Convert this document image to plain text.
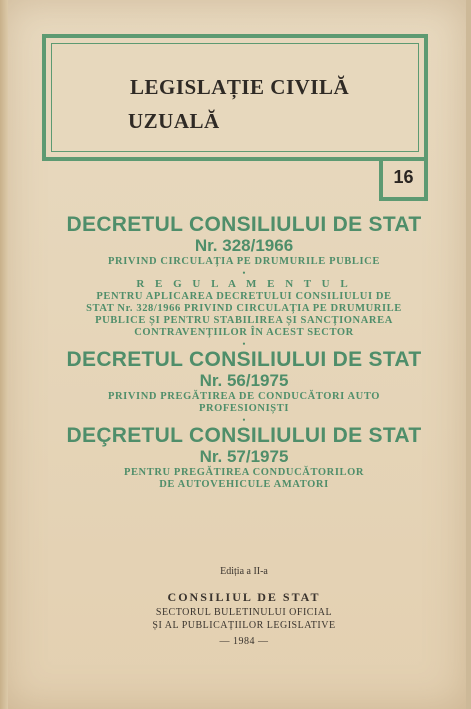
LEGISLAȚIE CIVILĂ
UZUALĂ
16

DECRETUL CONSILIULUI DE STAT

Nr. 328/1966

PRIVIND CIRCULAȚIA PE DRUMURILE PUBLICE

•

R E G U L A M E N T U L

PENTRU APLICAREA DECRETULUI CONSILIULUI DE

STAT Nr. 328/1966 PRIVIND CIRCULAȚIA PE DRUMURILE

PUBLICE ȘI PENTRU STABILIREA ȘI SANCȚIONAREA

CONTRAVENȚIILOR ÎN ACEST SECTOR

•

DECRETUL CONSILIULUI DE STAT

Nr. 56/1975

PRIVIND PREGĂTIREA DE CONDUCĂTORI AUTO

PROFESIONIȘTI

•

DEÇRETUL CONSILIULUI DE STAT

Nr. 57/1975

PENTRU PREGĂTIREA CONDUCĂTORILOR

DE AUTOVEHICULE AMATORI

Ediția a II-a
CONSILIUL DE STAT
SECTORUL BULETINULUI OFICIAL
ȘI AL PUBLICAȚIILOR LEGISLATIVE
— 1984 —
